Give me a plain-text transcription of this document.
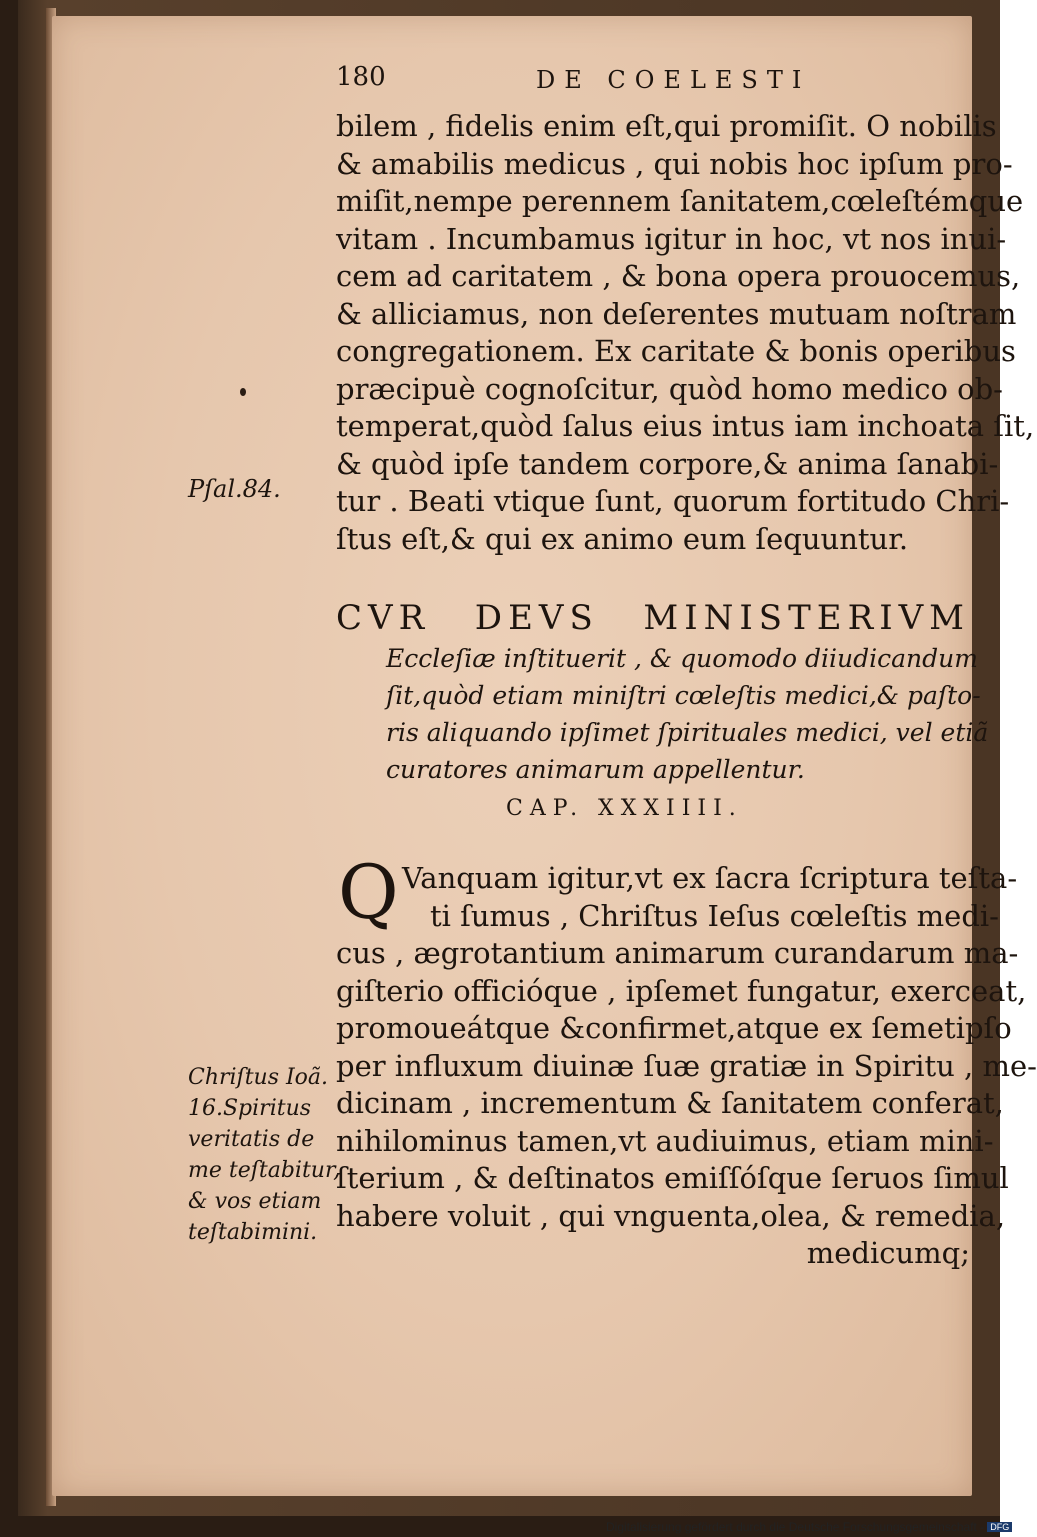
180	DE COELESTI
bilem , fidelis enim eſt,qui promiſit. O nobilis
& amabilis medicus , qui nobis hoc ipſum pro-
miſit,nempe perennem ſanitatem,cœleſtémque
vitam . Incumbamus igitur in hoc, vt nos inui-
cem ad caritatem , & bona opera prouocemus,
& alliciamus, non deſerentes mutuam noſtram
congregationem. Ex caritate & bonis operibus
præcipuè cognoſcitur, quòd homo medico ob-
temperat,quòd ſalus eius intus iam inchoata ſit,
& quòd ipſe tandem corpore,& anima ſanabi-
tur . Beati vtique ſunt, quorum fortitudo Chri-
ſtus eſt,& qui ex animo eum ſequuntur.
Pſal.84.
CVR DEVS MINISTERIVM
Eccleſiæ inſtituerit , & quomodo diiudicandum
ſit,quòd etiam miniſtri cœleſtis medici,& paſto-
ris aliquando ipſimet ſpirituales medici, vel etiã
curatores animarum appellentur.
CAP. XXXIIII.
Q Vanquam igitur,vt ex ſacra ſcriptura teſta-
ti ſumus , Chriſtus Ieſus cœleſtis medi-
cus , ægrotantium animarum curandarum ma-
giſterio officióque , ipſemet fungatur, exerceat,
promoueátque &confirmet,atque ex ſemetipſo
per influxum diuinæ ſuæ gratiæ in Spiritu , me-
dicinam , incrementum & ſanitatem conferat,
nihilominus tamen,vt audiuimus, etiam mini-
ſterium , & deſtinatos emiſſóſque ſeruos ſimul
habere voluit , qui vnguenta,olea, & remedia,
medicumq;
Chriſtus Ioã.
16.Spiritus
veritatis de
me teſtabitur,
& vos etiam
teſtabimini.
Digitalisierung gefördert durch die Deutsche Forschungsgemeinschaft - DFG
